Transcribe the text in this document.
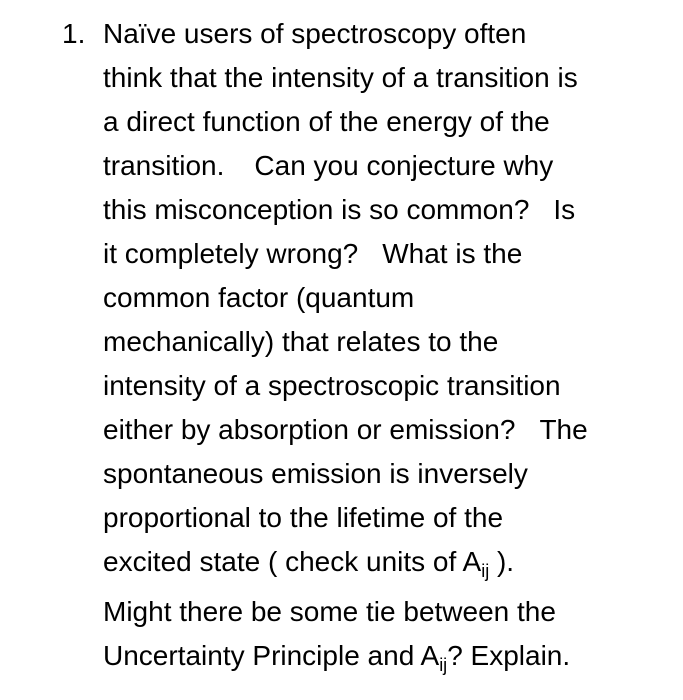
1. Naïve users of spectroscopy often
think that the intensity of a transition is
a direct function of the energy of the
transition. Can you conjecture why
this misconception is so common? Is
it completely wrong? What is the
common factor (quantum
mechanically) that relates to the
intensity of a spectroscopic transition
either by absorption or emission? The
spontaneous emission is inversely
proportional to the lifetime of the
excited state ( check units of $A_{ij}$ ).
Might there be some tie between the
Uncertainty Principle and $A_{ij}$? Explain.
